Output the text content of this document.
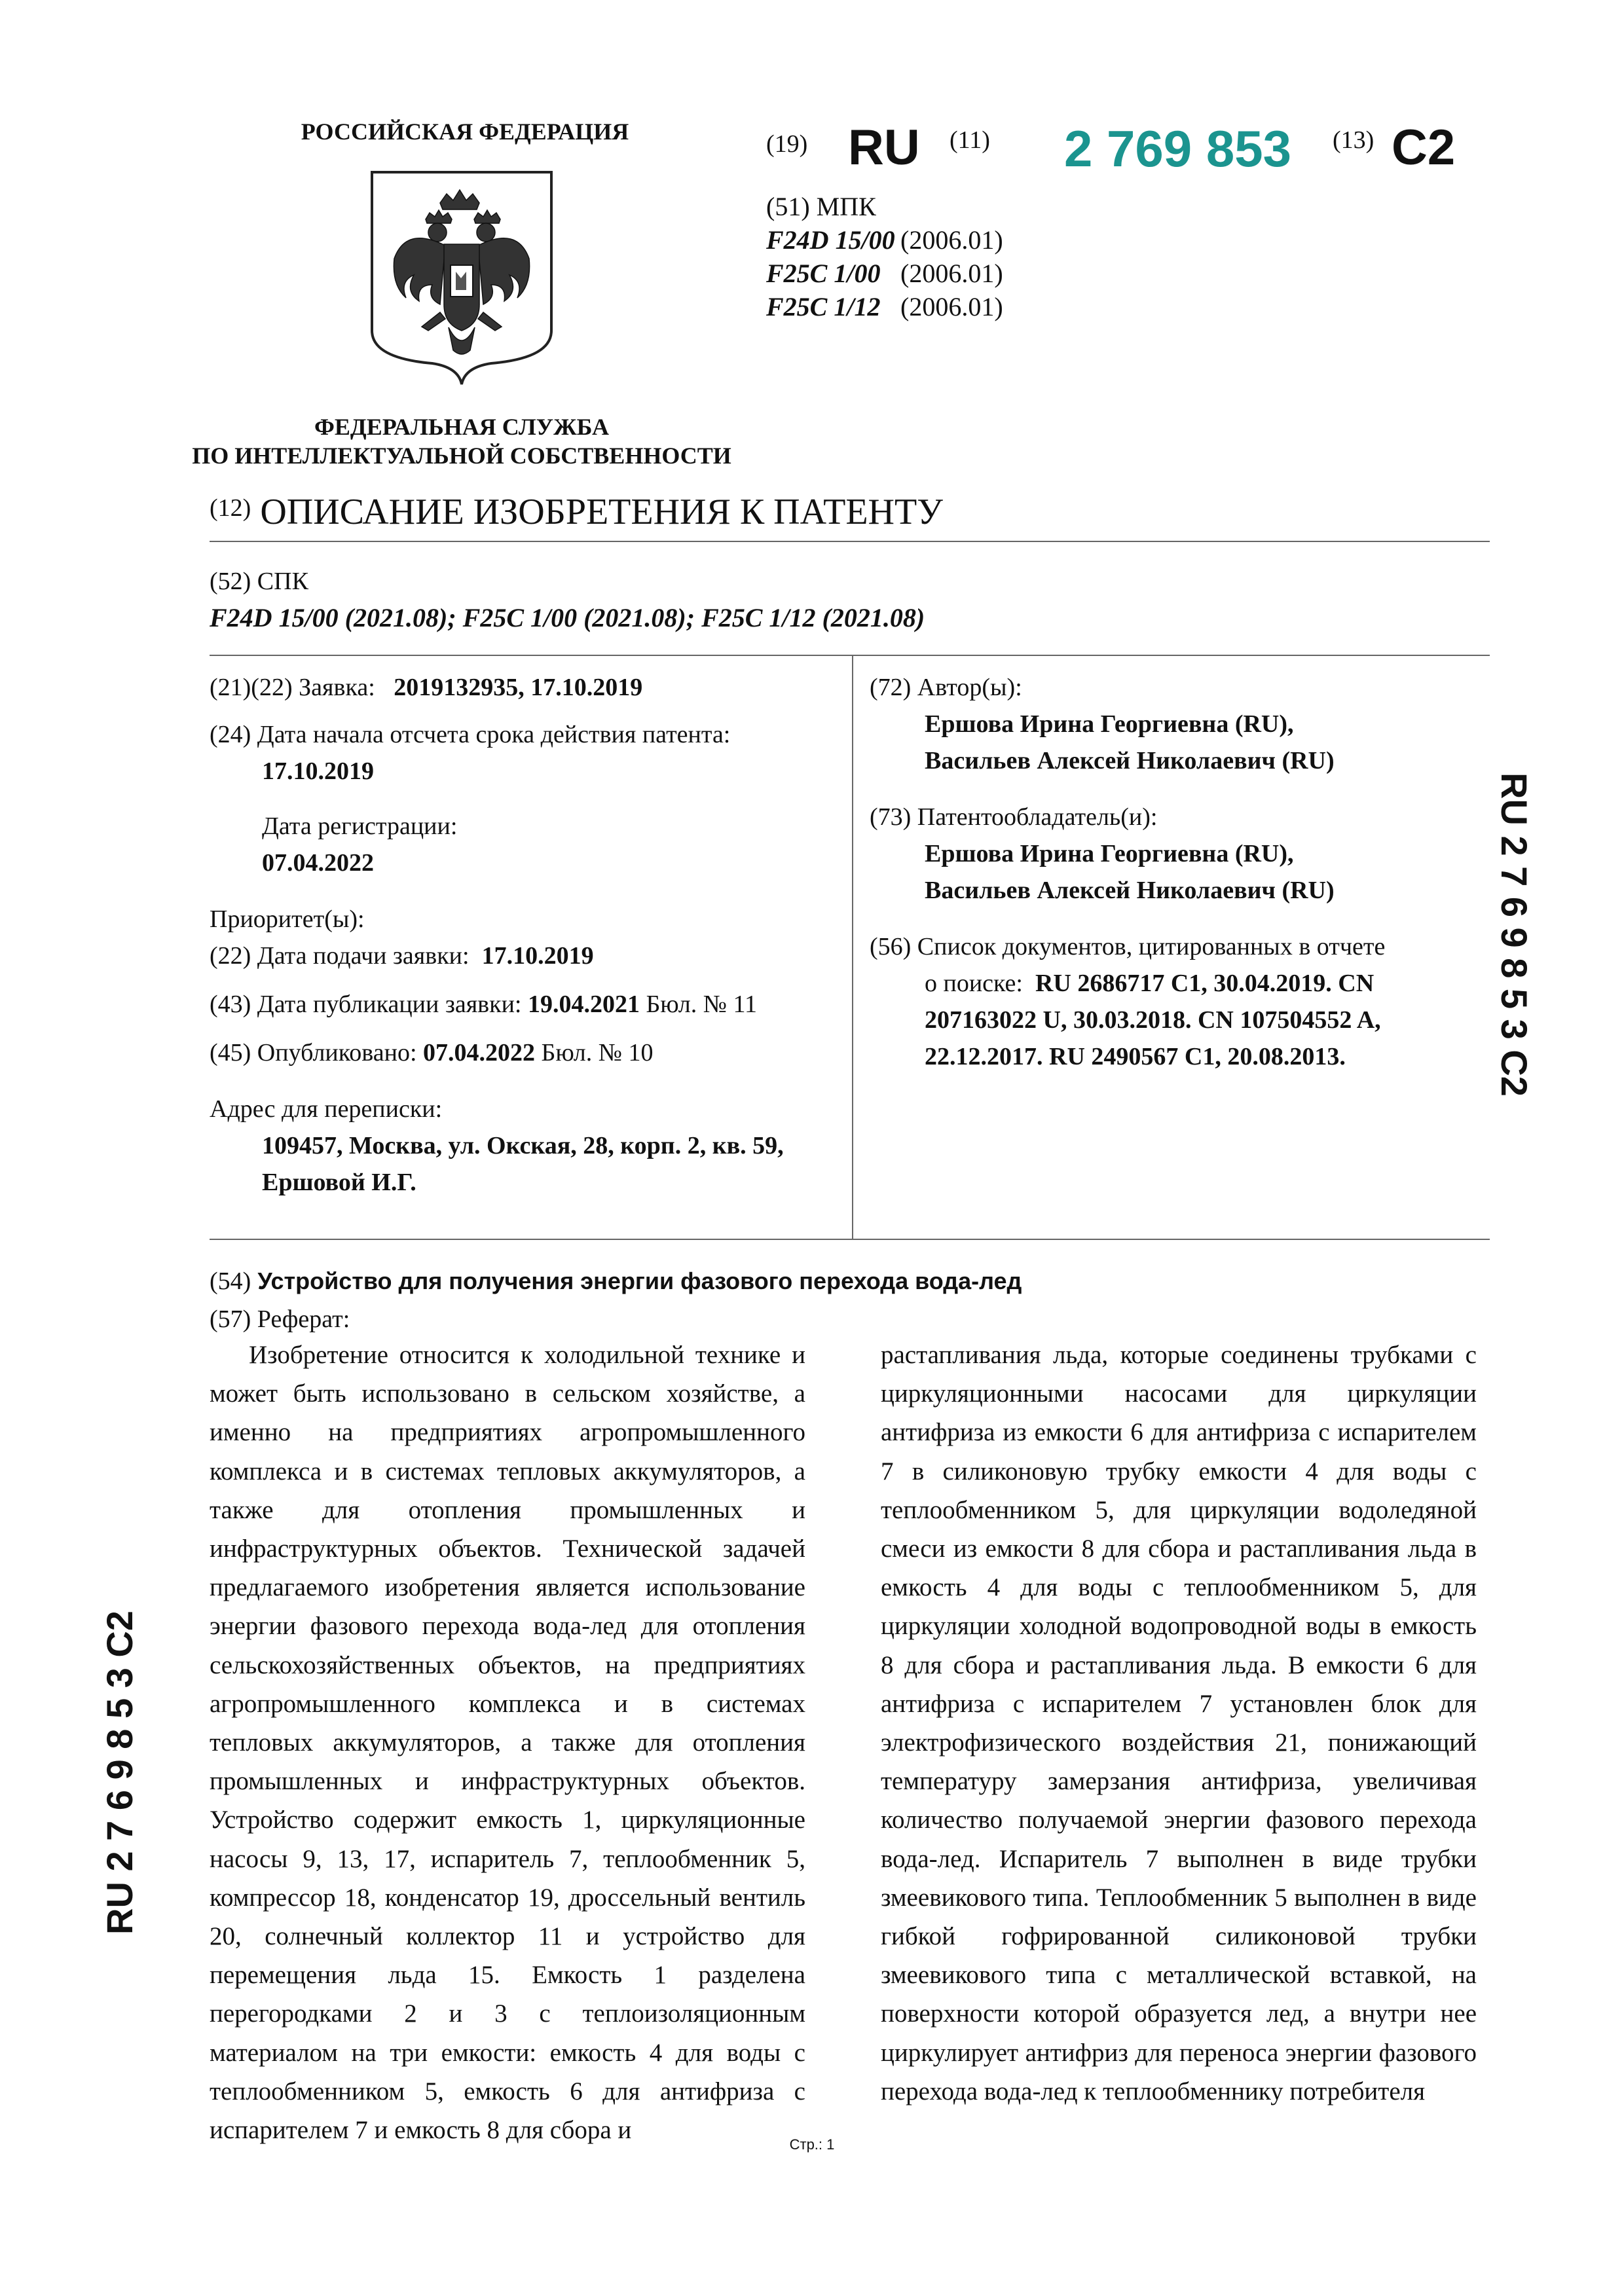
РОССИЙСКАЯ ФЕДЕРАЦИЯ
ФЕДЕРАЛЬНАЯ СЛУЖБА
ПО ИНТЕЛЛЕКТУАЛЬНОЙ СОБСТВЕННОСТИ
(19) RU (11) 2 769 853 (13) C2
(51) МПК
F24D 15/00 (2006.01)
F25C 1/00 (2006.01)
F25C 1/12 (2006.01)
$^{(12)}$ ОПИСАНИЕ ИЗОБРЕТЕНИЯ К ПАТЕНТУ
(52) СПК
F24D 15/00 (2021.08); F25C 1/00 (2021.08); F25C 1/12 (2021.08)
(21)(22) Заявка: 2019132935, 17.10.2019
(24) Дата начала отсчета срока действия патента:
17.10.2019
Дата регистрации:
07.04.2022
Приоритет(ы):
(22) Дата подачи заявки: 17.10.2019
(43) Дата публикации заявки: 19.04.2021 Бюл. № 11
(45) Опубликовано: 07.04.2022 Бюл. № 10
Адрес для переписки:
109457, Москва, ул. Окская, 28, корп. 2, кв. 59,
Ершовой И.Г.
(72) Автор(ы):
Ершова Ирина Георгиевна (RU),
Васильев Алексей Николаевич (RU)
(73) Патентообладатель(и):
Ершова Ирина Георгиевна (RU),
Васильев Алексей Николаевич (RU)
(56) Список документов, цитированных в отчете
о поиске: RU 2686717 C1, 30.04.2019. CN
207163022 U, 30.03.2018. CN 107504552 A,
22.12.2017. RU 2490567 C1, 20.08.2013.	RU 2 7 6 9 8 5 3 C2
RU 2 7 6 9 8 5 3 C2
(54) Устройство для получения энергии фазового перехода вода-лед
(57) Реферат:
Изобретение относится к холодильной технике и может быть использовано в сельском хозяйстве, а именно на предприятиях агропромышленного комплекса и в системах тепловых аккумуляторов, а также для отопления промышленных и инфраструктурных объектов. Технической задачей предлагаемого изобретения является использование энергии фазового перехода вода-лед для отопления сельскохозяйственных объектов, на предприятиях агропромышленного комплекса и в системах тепловых аккумуляторов, а также для отопления промышленных и инфраструктурных объектов. Устройство содержит емкость 1, циркуляционные насосы 9, 13, 17, испаритель 7, теплообменник 5, компрессор 18, конденсатор 19, дроссельный вентиль 20, солнечный коллектор 11 и устройство для перемещения льда 15. Емкость 1 разделена перегородками 2 и 3 с теплоизоляционным материалом на три емкости: емкость 4 для воды с теплообменником 5, емкость 6 для антифриза с испарителем 7 и емкость 8 для сбора и
растапливания льда, которые соединены трубками с циркуляционными насосами для циркуляции антифриза из емкости 6 для антифриза с испарителем 7 в силиконовую трубку емкости 4 для воды с теплообменником 5, для циркуляции водоледяной смеси из емкости 8 для сбора и растапливания льда в емкость 4 для воды с теплообменником 5, для циркуляции холодной водопроводной воды в емкость 8 для сбора и растапливания льда. В емкости 6 для антифриза с испарителем 7 установлен блок для электрофизического воздействия 21, понижающий температуру замерзания антифриза, увеличивая количество получаемой энергии фазового перехода вода-лед. Испаритель 7 выполнен в виде трубки змеевикового типа. Теплообменник 5 выполнен в виде гибкой гофрированной силиконовой трубки змеевикового типа с металлической вставкой, на поверхности которой образуется лед, а внутри нее циркулирует антифриз для переноса энергии фазового перехода вода-лед к теплообменнику потребителя
Стр.: 1
